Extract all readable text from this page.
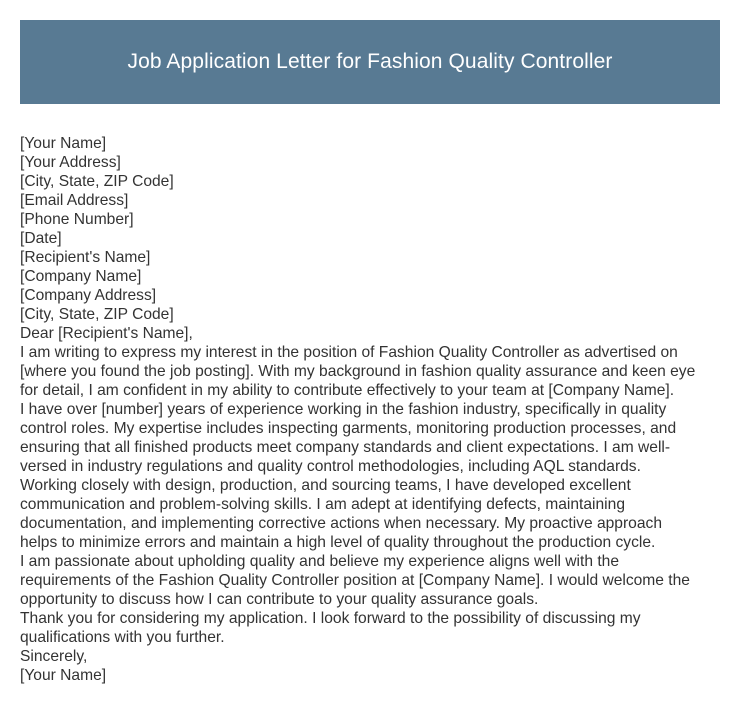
Job Application Letter for Fashion Quality Controller
[Your Name]
[Your Address]
[City, State, ZIP Code]
[Email Address]
[Phone Number]
[Date]
[Recipient's Name]
[Company Name]
[Company Address]
[City, State, ZIP Code]
Dear [Recipient's Name],
I am writing to express my interest in the position of Fashion Quality Controller as advertised on
[where you found the job posting]. With my background in fashion quality assurance and keen eye
for detail, I am confident in my ability to contribute effectively to your team at [Company Name].
I have over [number] years of experience working in the fashion industry, specifically in quality
control roles. My expertise includes inspecting garments, monitoring production processes, and
ensuring that all finished products meet company standards and client expectations. I am well-
versed in industry regulations and quality control methodologies, including AQL standards.
Working closely with design, production, and sourcing teams, I have developed excellent
communication and problem-solving skills. I am adept at identifying defects, maintaining
documentation, and implementing corrective actions when necessary. My proactive approach
helps to minimize errors and maintain a high level of quality throughout the production cycle.
I am passionate about upholding quality and believe my experience aligns well with the
requirements of the Fashion Quality Controller position at [Company Name]. I would welcome the
opportunity to discuss how I can contribute to your quality assurance goals.
Thank you for considering my application. I look forward to the possibility of discussing my
qualifications with you further.
Sincerely,
[Your Name]
